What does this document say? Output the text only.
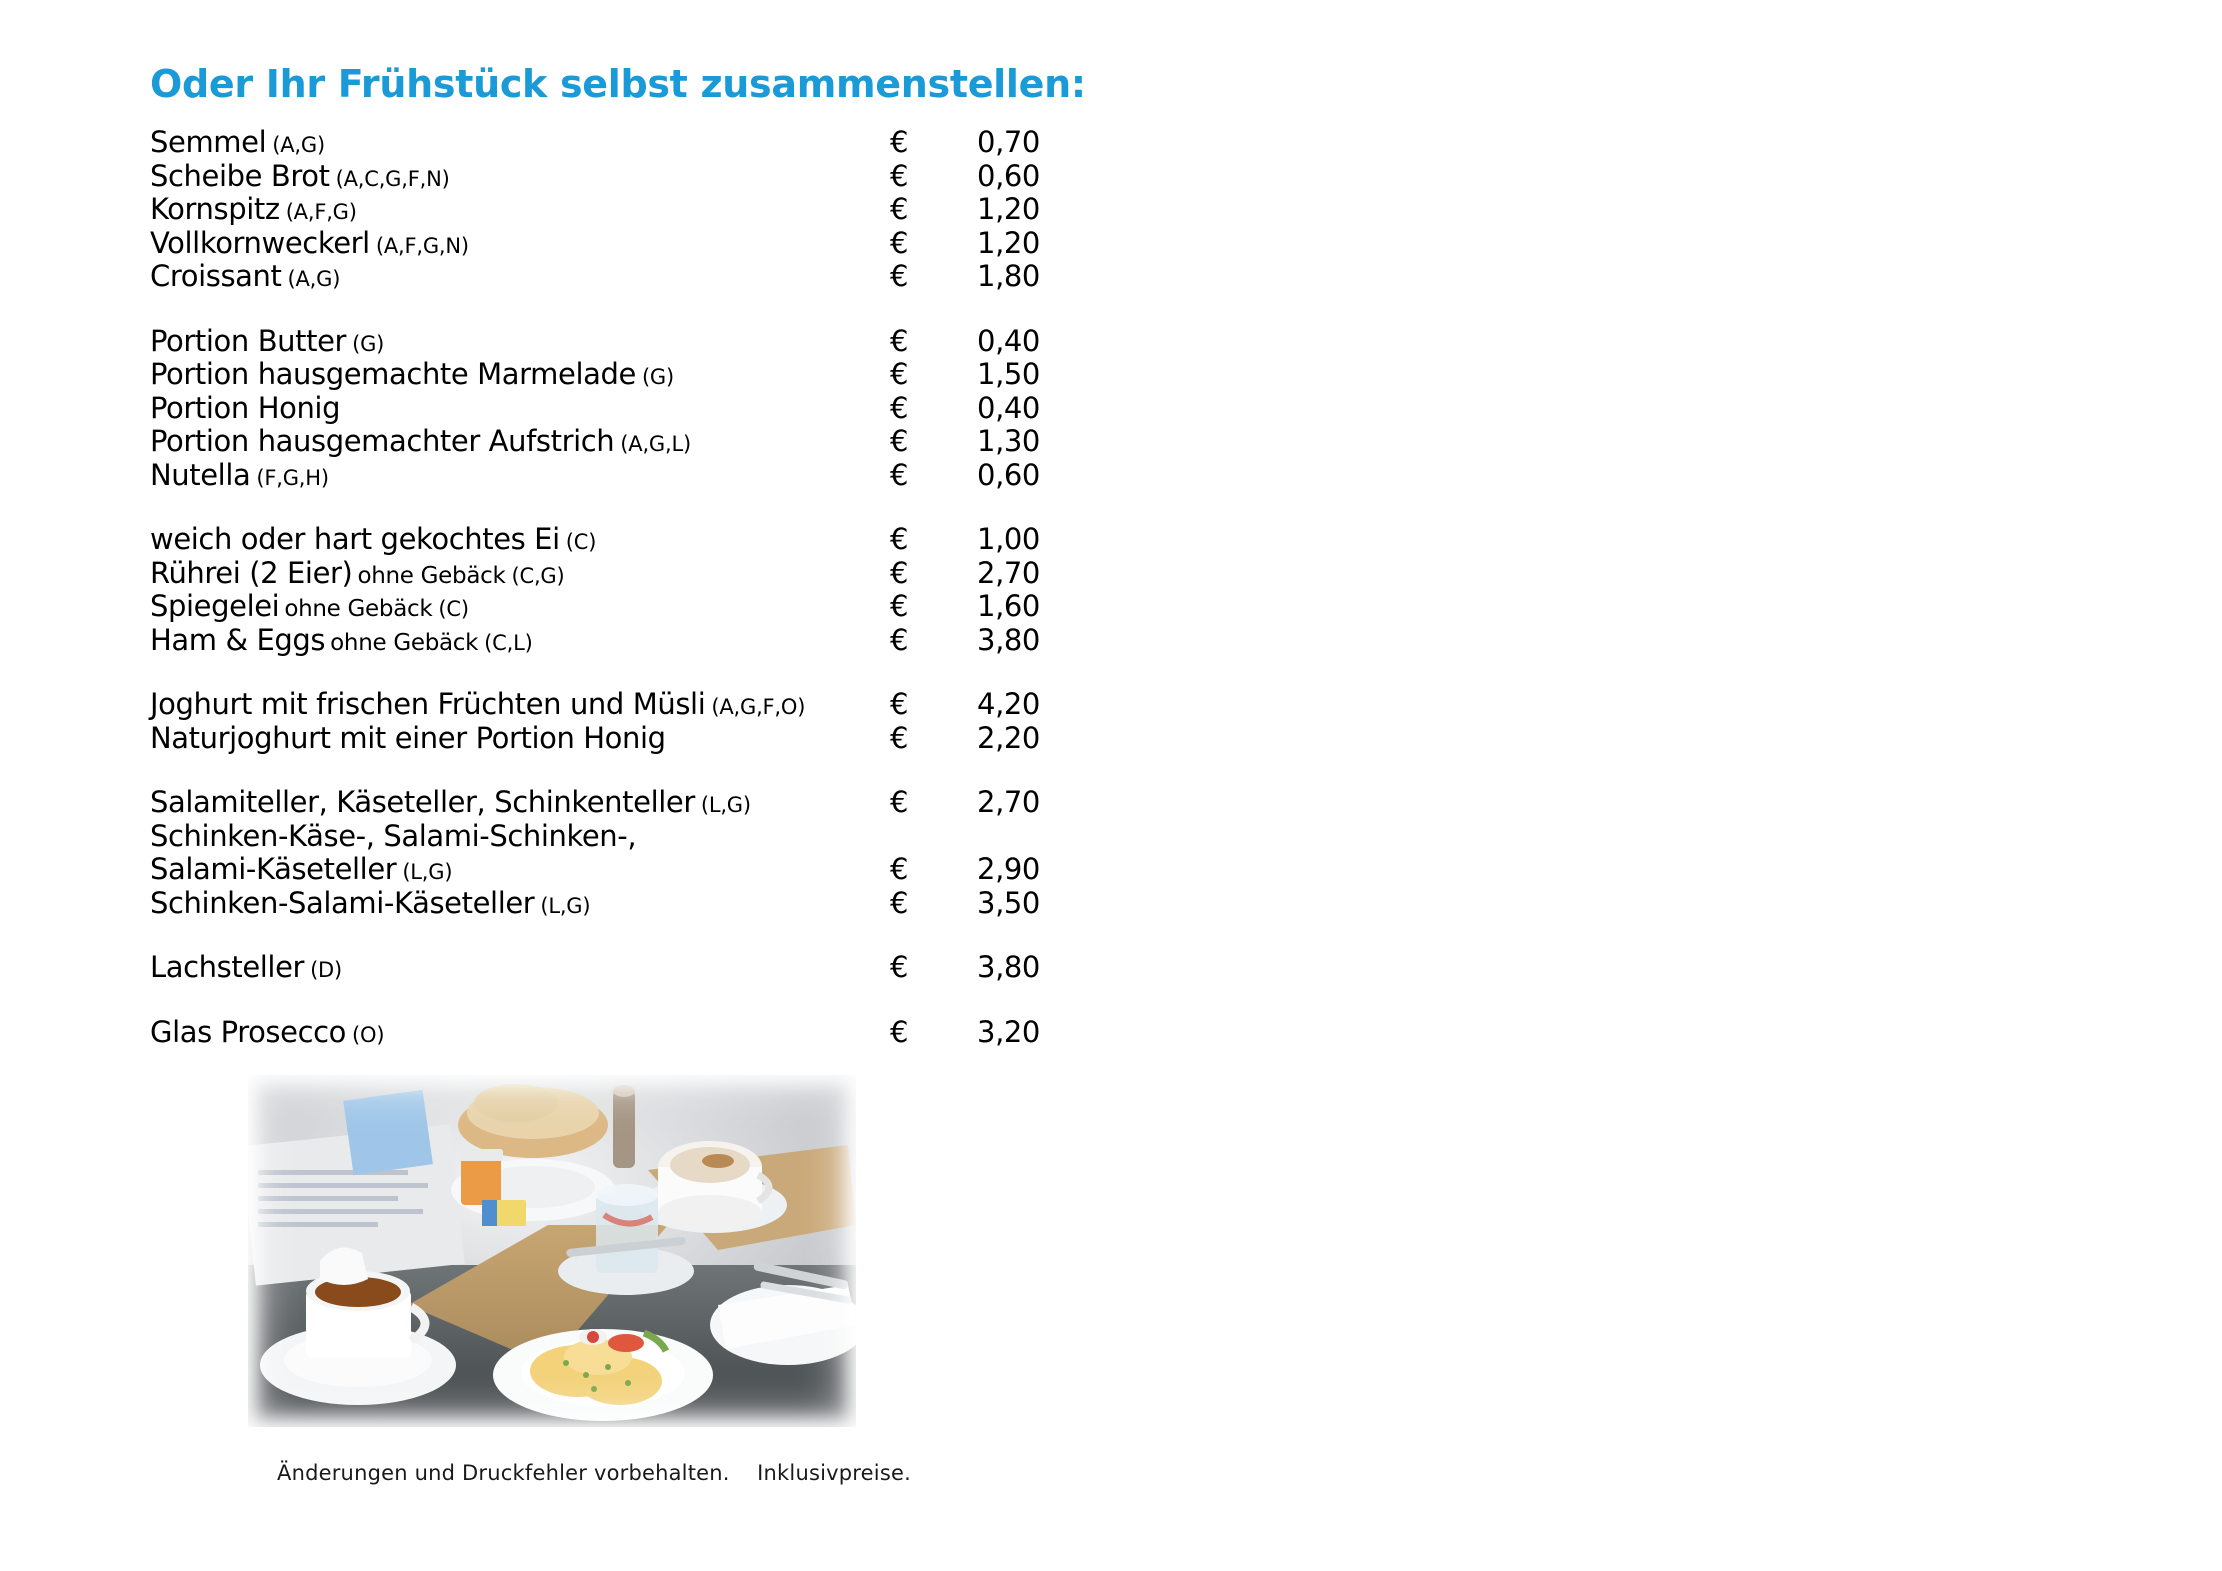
Oder Ihr Frühstück selbst zusammenstellen:
Semmel (A,G)	€	0,70
Scheibe Brot (A,C,G,F,N)	€	0,60
Kornspitz (A,F,G)	€	1,20
Vollkornweckerl (A,F,G,N)	€	1,20
Croissant (A,G)	€	1,80
Portion Butter (G)	€	0,40
Portion hausgemachte Marmelade (G)	€	1,50
Portion Honig	€	0,40
Portion hausgemachter Aufstrich (A,G,L)	€	1,30
Nutella (F,G,H)	€	0,60
weich oder hart gekochtes Ei (C)	€	1,00
Rührei (2 Eier) ohne Gebäck (C,G)	€	2,70
Spiegelei ohne Gebäck (C)	€	1,60
Ham & Eggs ohne Gebäck (C,L)	€	3,80
Joghurt mit frischen Früchten und Müsli (A,G,F,O)	€	4,20
Naturjoghurt mit einer Portion Honig	€	2,20
Salamiteller, Käseteller, Schinkenteller (L,G)	€	2,70
Schinken-Käse-, Salami-Schinken-,
Salami-Käseteller (L,G)	€	2,90
Schinken-Salami-Käseteller (L,G)	€	3,50
Lachsteller (D)	€	3,80
Glas Prosecco (O)	€	3,20
Änderungen und Druckfehler vorbehalten.    Inklusivpreise.
